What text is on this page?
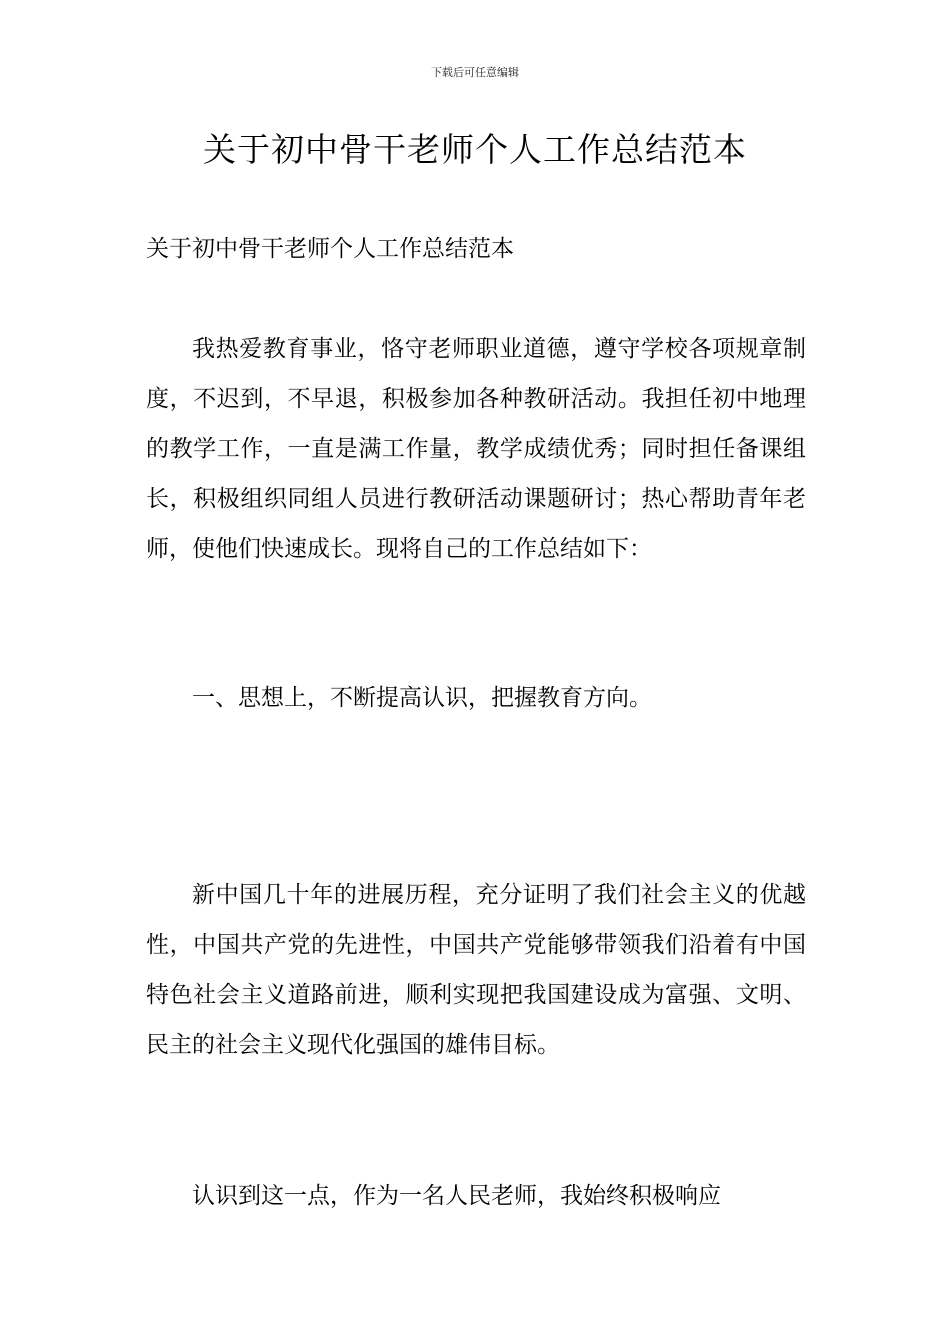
下载后可任意编辑
关于初中骨干老师个人工作总结范本

关于初中骨干老师个人工作总结范本

我热爱教育事业，恪守老师职业道德，遵守学校各项规章制度，不迟到，不早退，积极参加各种教研活动。我担任初中地理的教学工作，一直是满工作量，教学成绩优秀；同时担任备课组长，积极组织同组人员进行教研活动课题研讨；热心帮助青年老师，使他们快速成长。现将自己的工作总结如下：

一、思想上，不断提高认识，把握教育方向。

新中国几十年的进展历程，充分证明了我们社会主义的优越性，中国共产党的先进性，中国共产党能够带领我们沿着有中国特色社会主义道路前进，顺利实现把我国建设成为富强、文明、民主的社会主义现代化强国的雄伟目标。

认识到这一点，作为一名人民老师，我始终积极响应
